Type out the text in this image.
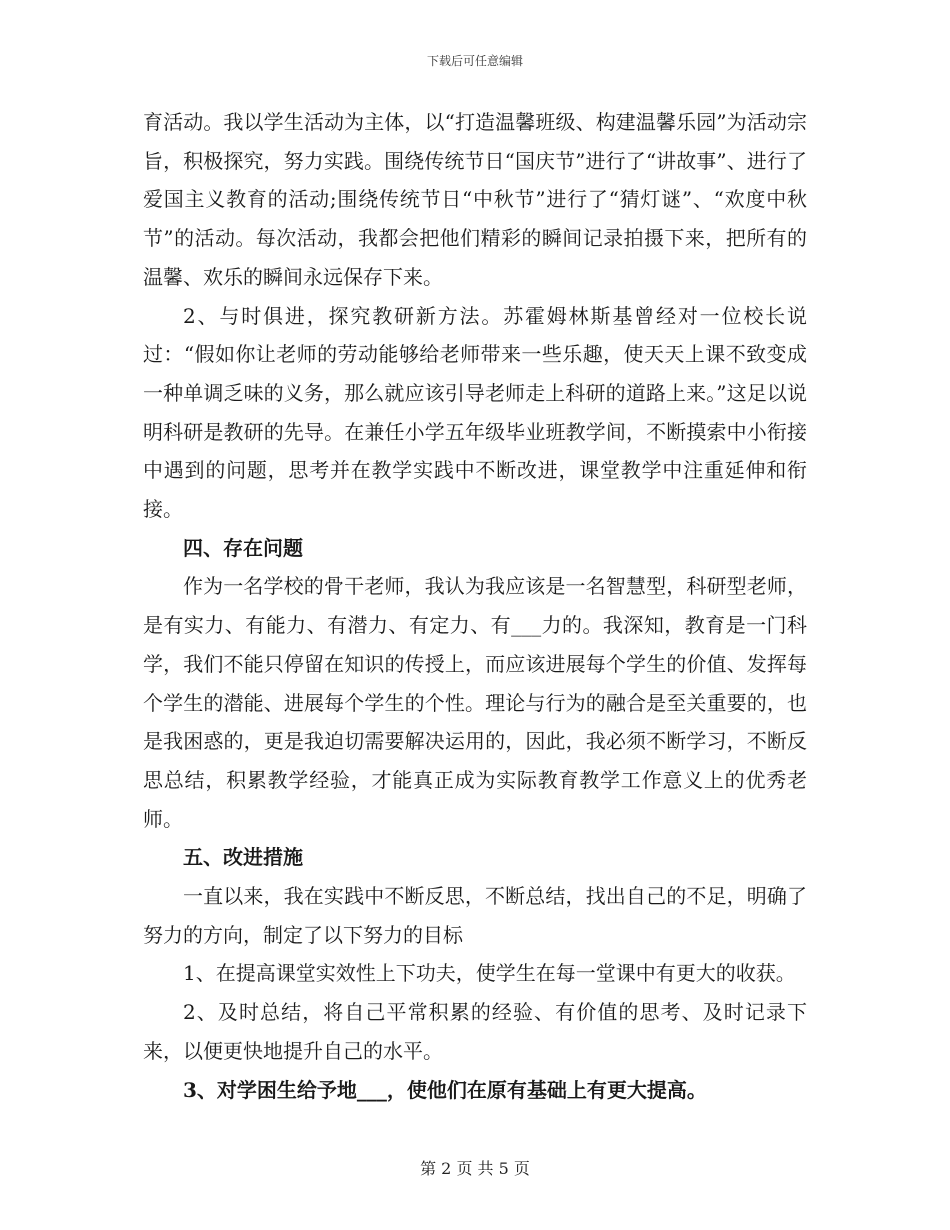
下载后可任意编辑

育活动。我以学生活动为主体，以“打造温馨班级、构建温馨乐园”为活动宗旨，积极探究，努力实践。围绕传统节日“国庆节”进行了“讲故事”、进行了爱国主义教育的活动;围绕传统节日“中秋节”进行了“猜灯谜”、“欢度中秋节”的活动。每次活动，我都会把他们精彩的瞬间记录拍摄下来，把所有的温馨、欢乐的瞬间永远保存下来。

2、与时俱进，探究教研新方法。苏霍姆林斯基曾经对一位校长说过：“假如你让老师的劳动能够给老师带来一些乐趣，使天天上课不致变成一种单调乏味的义务，那么就应该引导老师走上科研的道路上来。”这足以说明科研是教研的先导。在兼任小学五年级毕业班教学间，不断摸索中小衔接中遇到的问题，思考并在教学实践中不断改进，课堂教学中注重延伸和衔接。

四、存在问题

作为一名学校的骨干老师，我认为我应该是一名智慧型，科研型老师，是有实力、有能力、有潜力、有定力、有___力的。我深知，教育是一门科学，我们不能只停留在知识的传授上，而应该进展每个学生的价值、发挥每个学生的潜能、进展每个学生的个性。理论与行为的融合是至关重要的，也是我困惑的，更是我迫切需要解决运用的，因此，我必须不断学习，不断反思总结，积累教学经验，才能真正成为实际教育教学工作意义上的优秀老师。

五、改进措施

一直以来，我在实践中不断反思，不断总结，找出自己的不足，明确了努力的方向，制定了以下努力的目标

1、在提高课堂实效性上下功夫，使学生在每一堂课中有更大的收获。

2、及时总结，将自己平常积累的经验、有价值的思考、及时记录下来，以便更快地提升自己的水平。

3、对学困生给予地___，使他们在原有基础上有更大提高。

第 2 页 共 5 页
